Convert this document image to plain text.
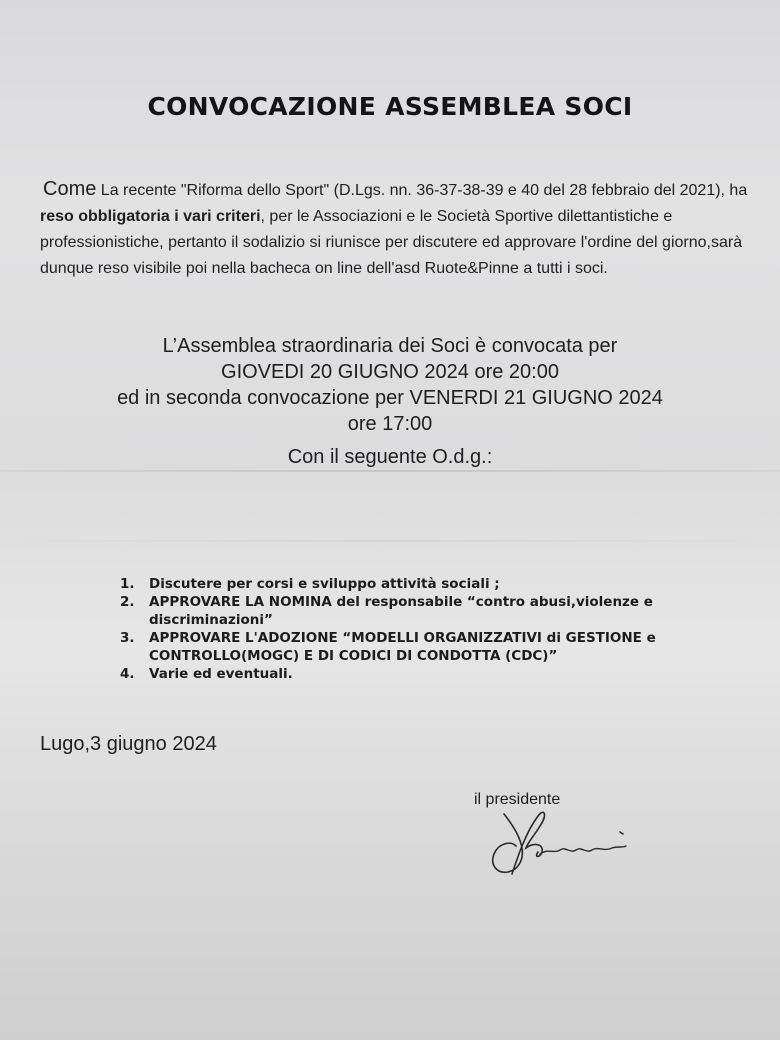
CONVOCAZIONE ASSEMBLEA SOCI
Come La recente "Riforma dello Sport" (D.Lgs. nn. 36-37-38-39 e 40 del 28 febbraio del 2021), ha reso obbligatoria i vari criteri, per le Associazioni e le Società Sportive dilettantistiche e professionistiche, pertanto il sodalizio si riunisce per discutere ed approvare l'ordine del giorno,sarà dunque reso visibile poi nella bacheca on line dell'asd Ruote&Pinne a tutti i soci.
L’Assemblea straordinaria dei Soci è convocata per
GIOVEDI 20 GIUGNO 2024 ore 20:00
ed in seconda convocazione per VENERDI 21 GIUGNO 2024
ore 17:00
Con il seguente O.d.g.:
1. Discutere per corsi e sviluppo attività sociali ;
2. APPROVARE LA NOMINA del responsabile “contro abusi,violenze e discriminazioni”
3. APPROVARE L'ADOZIONE “MODELLI ORGANIZZATIVI di GESTIONE e CONTROLLO(MOGC) E DI CODICI DI CONDOTTA (CDC)”
4. Varie ed eventuali.
Lugo,3 giugno 2024
il presidente
